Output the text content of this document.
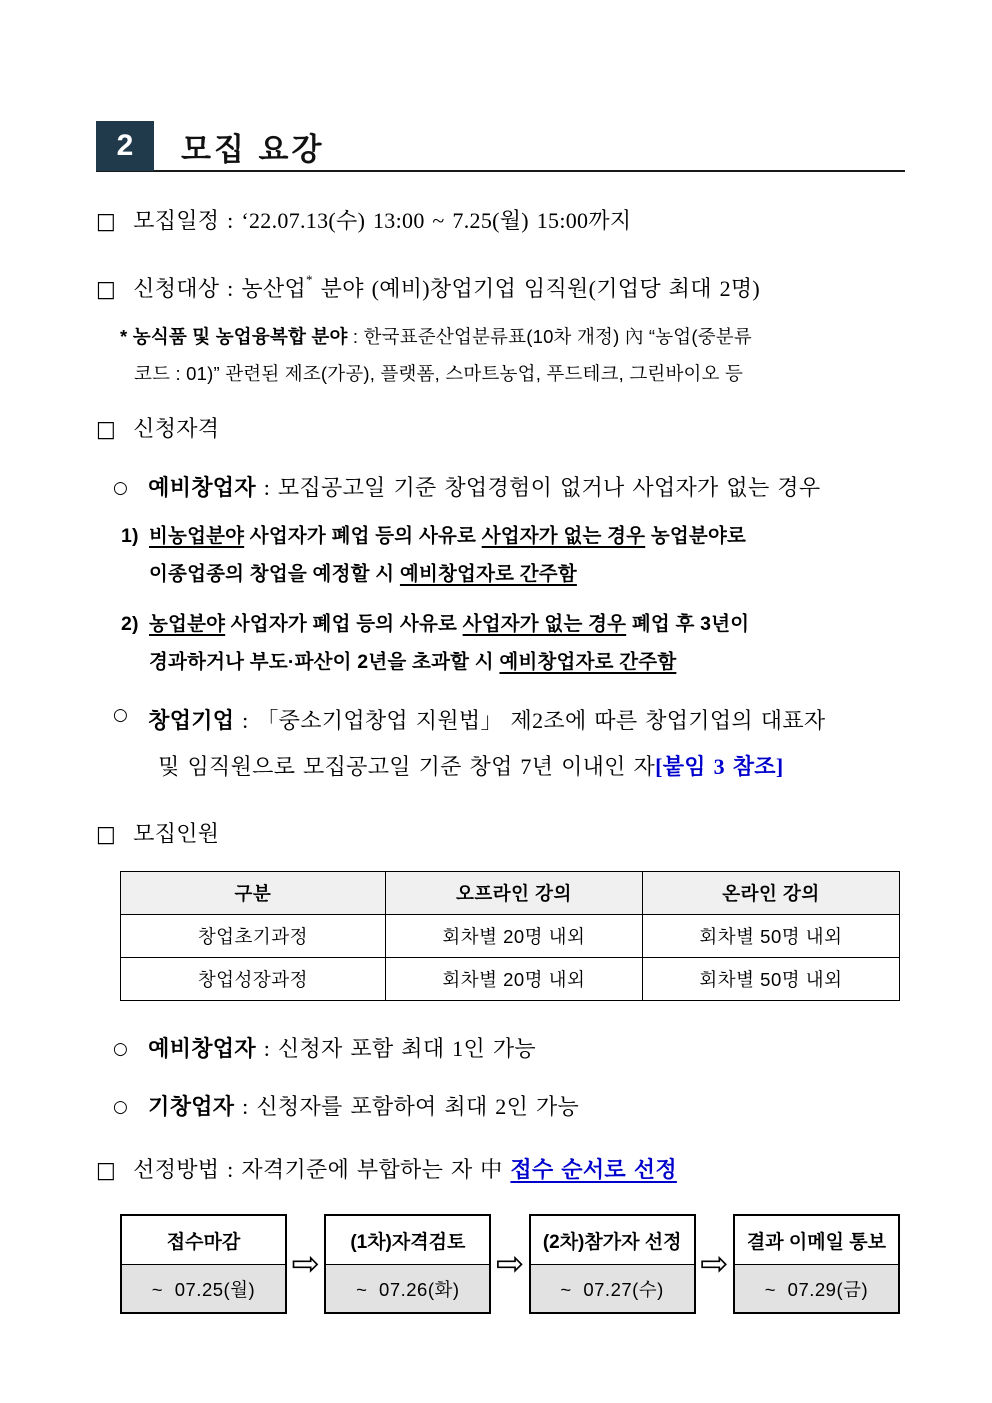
2	모집 요강
□ 모집일정 : ‘22.07.13(수) 13:00 ~ 7.25(월) 15:00까지
□ 신청대상 : 농산업* 분야 (예비)창업기업 임직원(기업당 최대 2명)
* 농식품 및 농업융복합 분야 : 한국표준산업분류표(10차 개정) 內 “농업(중분류
코드 : 01)” 관련된 제조(가공), 플랫폼, 스마트농업, 푸드테크, 그린바이오 등
□ 신청자격
○ 예비창업자 : 모집공고일 기준 창업경험이 없거나 사업자가 없는 경우
1) 비농업분야 사업자가 폐업 등의 사유로 사업자가 없는 경우 농업분야로
이종업종의 창업을 예정할 시 예비창업자로 간주함
2) 농업분야 사업자가 폐업 등의 사유로 사업자가 없는 경우 폐업 후 3년이
경과하거나 부도·파산이 2년을 초과할 시 예비창업자로 간주함
○ 창업기업 : 「중소기업창업 지원법」 제2조에 따른 창업기업의 대표자
및 임직원으로 모집공고일 기준 창업 7년 이내인 자[붙임 3 참조]
□ 모집인원
구분	오프라인 강의	온라인 강의
창업초기과정	회차별 20명 내외	회차별 50명 내외
창업성장과정	회차별 20명 내외	회차별 50명 내외
○ 예비창업자 : 신청자 포함 최대 1인 가능
○ 기창업자 : 신청자를 포함하여 최대 2인 가능
□ 선정방법 : 자격기준에 부합하는 자 中 접수 순서로 선정
접수마감
~ 07.25(월)
⇨
(1차)자격검토
~ 07.26(화)
⇨
(2차)참가자 선정
~ 07.27(수)
⇨
결과 이메일 통보
~ 07.29(금)
